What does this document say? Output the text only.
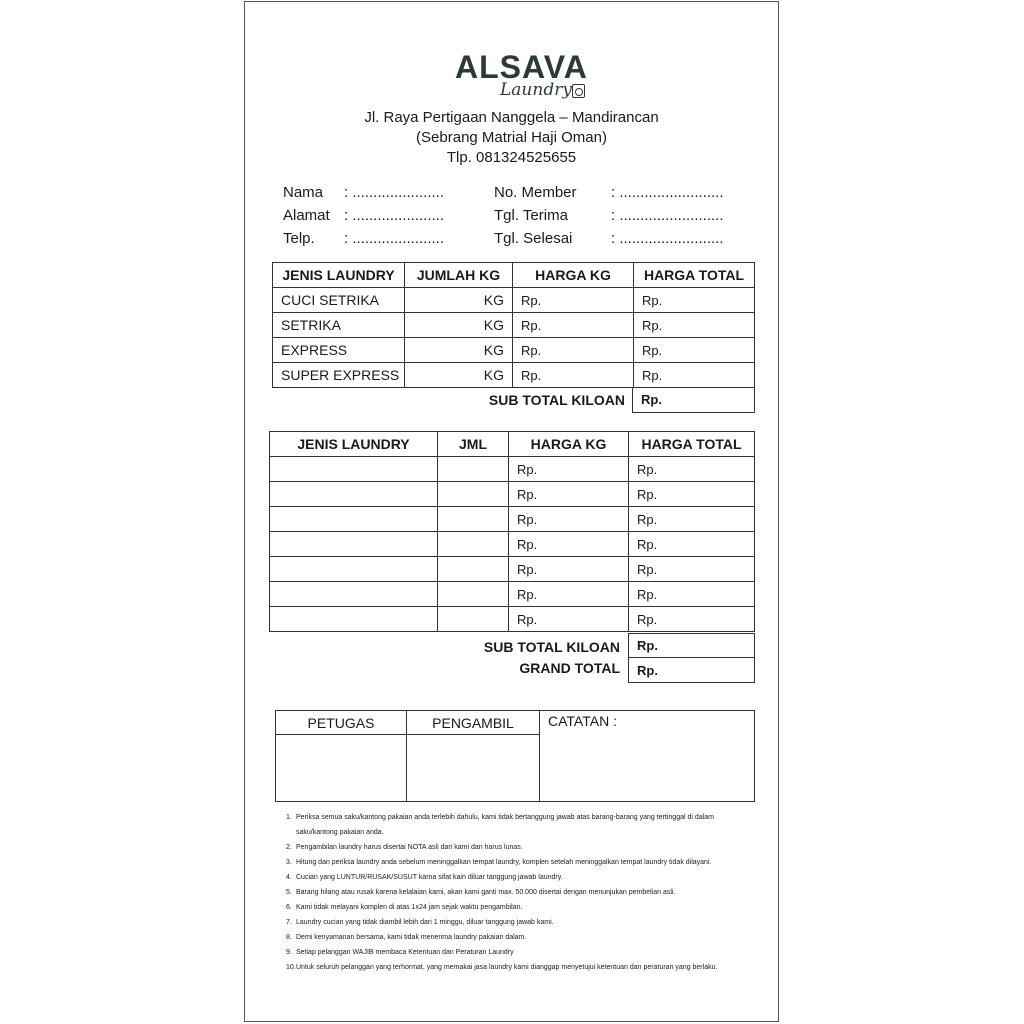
ALSAVA
Laundry
Jl. Raya Pertigaan Nanggela – Mandirancan
(Sebrang Matrial Haji Oman)
Tlp. 081324525655
Nama : ......................
Alamat : ......................
Telp. : ......................
No. Member : .........................
Tgl. Terima	: .........................
Tgl. Selesai	: .........................
JENIS LAUNDRY	JUMLAH KG	HARGA KG	HARGA TOTAL
CUCI SETRIKA	KG	Rp.	Rp.
SETRIKA	KG	Rp.	Rp.
EXPRESS	KG	Rp.	Rp.
SUPER EXPRESS	KG	Rp.	Rp.
SUB TOTAL KILOAN	Rp.
JENIS LAUNDRY	JML	HARGA KG	HARGA TOTAL
		Rp.	Rp.
		Rp.	Rp.
		Rp.	Rp.
		Rp.	Rp.
		Rp.	Rp.
		Rp.	Rp.
		Rp.	Rp.
SUB TOTAL KILOAN	Rp.
GRAND TOTAL	Rp.
PETUGAS	PENGAMBIL	CATATAN :

1. Periksa semua saku/kantong pakaian anda terlebih dahulu, kami tidak bertanggung jawab atas barang-barang yang tertinggal di dalam saku/kantong pakaian anda.
2. Pengambilan laundry harus disertai NOTA asli dari kami dan harus lunas.
3. Hitung dan periksa laundry anda sebelum meninggalkan tempat laundry, komplen setelah meninggalkan tempat laundry tidak dilayani.
4. Cucian yang LUNTUR/RUSAK/SUSUT karna sifat kain diluar tanggung jawab laundry.
5. Barang hilang atau rusak karena kelalaian kami, akan kami ganti max. 50.000 disertai dengan menunjukan pembelian asli.
6. Kami tidak melayani komplen di atas 1x24 jam sejak waktu pengambilan.
7. Laundry cucian yang tidak diambil lebih dari 1 minggu, diluar tanggung jawab kami.
8. Demi kenyamanan bersama, kami tidak menerima laundry pakaian dalam.
9. Setiap pelanggan WAJIB membaca Ketentuan dan Peraturan Laundry
10. Untuk seluruh pelanggan yang terhormat, yang memakai jasa laundry kami dianggap menyetujui ketentuan dan peraturan yang berlaku.
